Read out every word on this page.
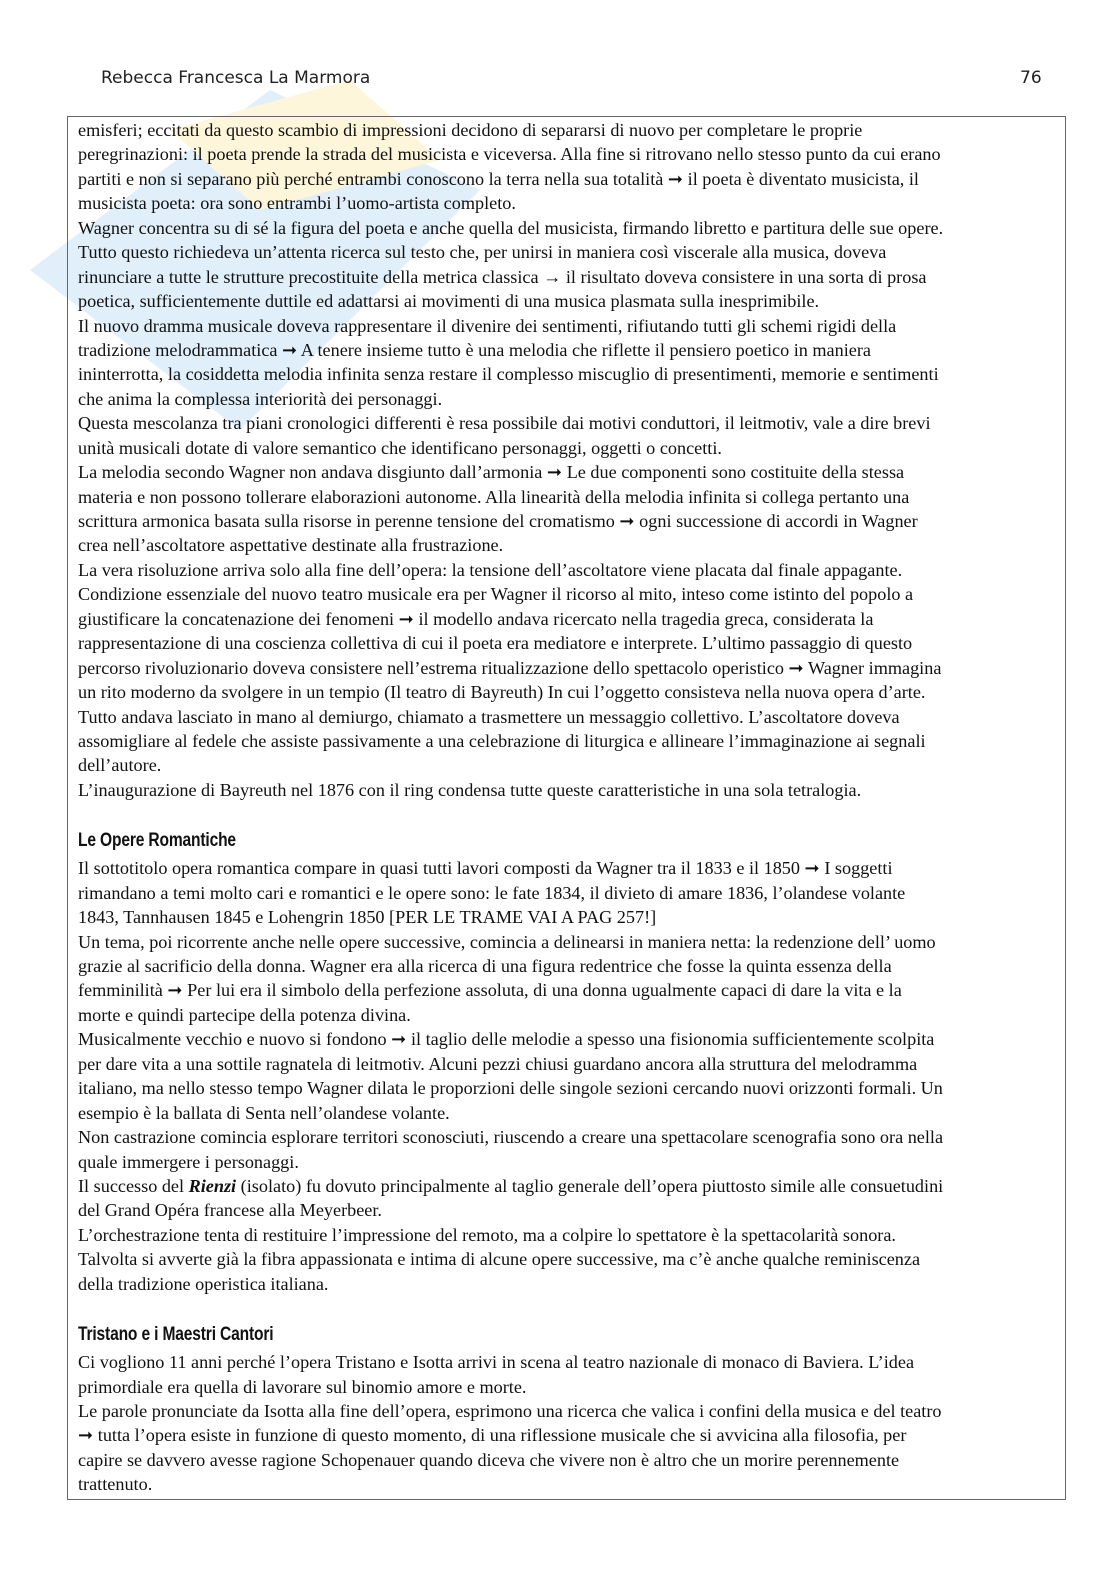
Rebecca Francesca La Marmora	76
emisferi; eccitati da questo scambio di impressioni decidono di separarsi di nuovo per completare le proprie
peregrinazioni: il poeta prende la strada del musicista e viceversa. Alla fine si ritrovano nello stesso punto da cui erano
partiti e non si separano più perché entrambi conoscono la terra nella sua totalità ➞ il poeta è diventato musicista, il
musicista poeta: ora sono entrambi l’uomo-artista completo.
Wagner concentra su di sé la figura del poeta e anche quella del musicista, firmando libretto e partitura delle sue opere.
Tutto questo richiedeva un’attenta ricerca sul testo che, per unirsi in maniera così viscerale alla musica, doveva
rinunciare a tutte le strutture precostituite della metrica classica → il risultato doveva consistere in una sorta di prosa
poetica, sufficientemente duttile ed adattarsi ai movimenti di una musica plasmata sulla inesprimibile.
Il nuovo dramma musicale doveva rappresentare il divenire dei sentimenti, rifiutando tutti gli schemi rigidi della
tradizione melodrammatica ➞ A tenere insieme tutto è una melodia che riflette il pensiero poetico in maniera
ininterrotta, la cosiddetta melodia infinita senza restare il complesso miscuglio di presentimenti, memorie e sentimenti
che anima la complessa interiorità dei personaggi.
Questa mescolanza tra piani cronologici differenti è resa possibile dai motivi conduttori, il leitmotiv, vale a dire brevi
unità musicali dotate di valore semantico che identificano personaggi, oggetti o concetti.
La melodia secondo Wagner non andava disgiunto dall’armonia ➞ Le due componenti sono costituite della stessa
materia e non possono tollerare elaborazioni autonome. Alla linearità della melodia infinita si collega pertanto una
scrittura armonica basata sulla risorse in perenne tensione del cromatismo ➞ ogni successione di accordi in Wagner
crea nell’ascoltatore aspettative destinate alla frustrazione.
La vera risoluzione arriva solo alla fine dell’opera: la tensione dell’ascoltatore viene placata dal finale appagante.
Condizione essenziale del nuovo teatro musicale era per Wagner il ricorso al mito, inteso come istinto del popolo a
giustificare la concatenazione dei fenomeni ➞ il modello andava ricercato nella tragedia greca, considerata la
rappresentazione di una coscienza collettiva di cui il poeta era mediatore e interprete. L’ultimo passaggio di questo
percorso rivoluzionario doveva consistere nell’estrema ritualizzazione dello spettacolo operistico ➞ Wagner immagina
un rito moderno da svolgere in un tempio (Il teatro di Bayreuth) In cui l’oggetto consisteva nella nuova opera d’arte.
Tutto andava lasciato in mano al demiurgo, chiamato a trasmettere un messaggio collettivo. L’ascoltatore doveva
assomigliare al fedele che assiste passivamente a una celebrazione di liturgica e allineare l’immaginazione ai segnali
dell’autore.
L’inaugurazione di Bayreuth nel 1876 con il ring condensa tutte queste caratteristiche in una sola tetralogia.
Le Opere Romantiche
Il sottotitolo opera romantica compare in quasi tutti lavori composti da Wagner tra il 1833 e il 1850 ➞ I soggetti
rimandano a temi molto cari e romantici e le opere sono: le fate 1834, il divieto di amare 1836, l’olandese volante
1843, Tannhausen 1845 e Lohengrin 1850 [PER LE TRAME VAI A PAG 257!]
Un tema, poi ricorrente anche nelle opere successive, comincia a delinearsi in maniera netta: la redenzione dell’ uomo
grazie al sacrificio della donna. Wagner era alla ricerca di una figura redentrice che fosse la quinta essenza della
femminilità ➞ Per lui era il simbolo della perfezione assoluta, di una donna ugualmente capaci di dare la vita e la
morte e quindi partecipe della potenza divina.
Musicalmente vecchio e nuovo si fondono ➞ il taglio delle melodie a spesso una fisionomia sufficientemente scolpita
per dare vita a una sottile ragnatela di leitmotiv. Alcuni pezzi chiusi guardano ancora alla struttura del melodramma
italiano, ma nello stesso tempo Wagner dilata le proporzioni delle singole sezioni cercando nuovi orizzonti formali. Un
esempio è la ballata di Senta nell’olandese volante.
Non castrazione comincia esplorare territori sconosciuti, riuscendo a creare una spettacolare scenografia sono ora nella
quale immergere i personaggi.
Il successo del Rienzi (isolato) fu dovuto principalmente al taglio generale dell’opera piuttosto simile alle consuetudini
del Grand Opéra francese alla Meyerbeer.
L’orchestrazione tenta di restituire l’impressione del remoto, ma a colpire lo spettatore è la spettacolarità sonora.
Talvolta si avverte già la fibra appassionata e intima di alcune opere successive, ma c’è anche qualche reminiscenza
della tradizione operistica italiana.
Tristano e i Maestri Cantori
Ci vogliono 11 anni perché l’opera Tristano e Isotta arrivi in scena al teatro nazionale di monaco di Baviera. L’idea
primordiale era quella di lavorare sul binomio amore e morte.
Le parole pronunciate da Isotta alla fine dell’opera, esprimono una ricerca che valica i confini della musica e del teatro
➞ tutta l’opera esiste in funzione di questo momento, di una riflessione musicale che si avvicina alla filosofia, per
capire se davvero avesse ragione Schopenauer quando diceva che vivere non è altro che un morire perennemente
trattenuto.
